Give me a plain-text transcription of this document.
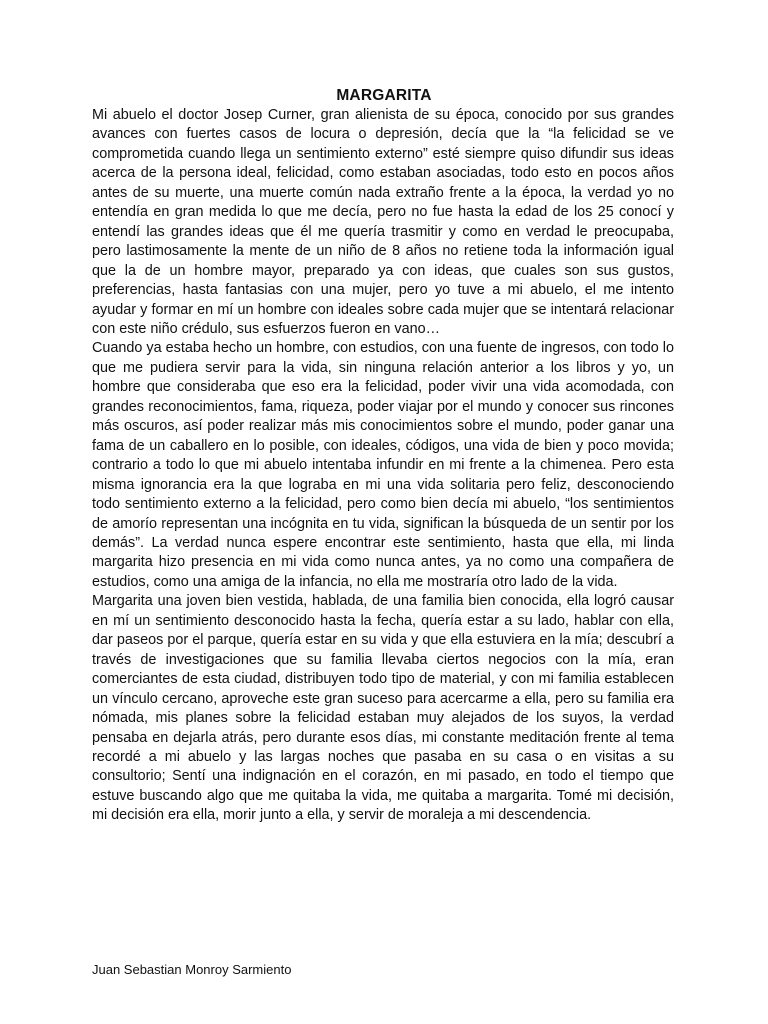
MARGARITA

Mi abuelo el doctor Josep Curner, gran alienista de su época, conocido por sus grandes avances con fuertes casos de locura o depresión, decía que la “la felicidad se ve comprometida cuando llega un sentimiento externo” esté siempre quiso difundir sus ideas acerca de la persona ideal, felicidad, como estaban asociadas, todo esto en pocos años antes de su muerte, una muerte común nada extraño frente a la época, la verdad yo no entendía en gran medida lo que me decía, pero no fue hasta la edad de los 25 conocí y entendí las grandes ideas que él me quería trasmitir y como en verdad le preocupaba, pero lastimosamente la mente de un niño de 8 años no retiene toda la información igual que la de un hombre mayor, preparado ya con ideas, que cuales son sus gustos, preferencias, hasta fantasias con una mujer, pero yo tuve a mi abuelo, el me intento ayudar y formar en mí un hombre con ideales sobre cada mujer que se intentará relacionar con este niño crédulo, sus esfuerzos fueron en vano…

Cuando ya estaba hecho un hombre, con estudios, con una fuente de ingresos, con todo lo que me pudiera servir para la vida, sin ninguna relación anterior a los libros y yo, un hombre que consideraba que eso era la felicidad, poder vivir una vida acomodada, con grandes reconocimientos, fama, riqueza, poder viajar por el mundo y conocer sus rincones más oscuros, así poder realizar más mis conocimientos sobre el mundo, poder ganar una fama de un caballero en lo posible, con ideales, códigos, una vida de bien y poco movida; contrario a todo lo que mi abuelo intentaba infundir en mi frente a la chimenea. Pero esta misma ignorancia era la que lograba en mi una vida solitaria pero feliz, desconociendo todo sentimiento externo a la felicidad, pero como bien decía mi abuelo, “los sentimientos de amorío representan una incógnita en tu vida, significan la búsqueda de un sentir por los demás”. La verdad nunca espere encontrar este sentimiento, hasta que ella, mi linda margarita hizo presencia en mi vida como nunca antes, ya no como una compañera de estudios, como una amiga de la infancia, no ella me mostraría otro lado de la vida.

Margarita una joven bien vestida, hablada, de una familia bien conocida, ella logró causar en mí un sentimiento desconocido hasta la fecha, quería estar a su lado, hablar con ella, dar paseos por el parque, quería estar en su vida y que ella estuviera en la mía; descubrí a través de investigaciones que su familia llevaba ciertos negocios con la mía, eran comerciantes de esta ciudad, distribuyen todo tipo de material, y con mi familia establecen un vínculo cercano, aproveche este gran suceso para acercarme a ella, pero su familia era nómada, mis planes sobre la felicidad estaban muy alejados de los suyos, la verdad pensaba en dejarla atrás, pero durante esos días, mi constante meditación frente al tema recordé a mi abuelo y las largas noches que pasaba en su casa o en visitas a su consultorio; Sentí una indignación en el corazón, en mi pasado, en todo el tiempo que estuve buscando algo que me quitaba la vida, me quitaba a margarita. Tomé mi decisión, mi decisión era ella, morir junto a ella, y servir de moraleja a mi descendencia.

Juan Sebastian Monroy Sarmiento
